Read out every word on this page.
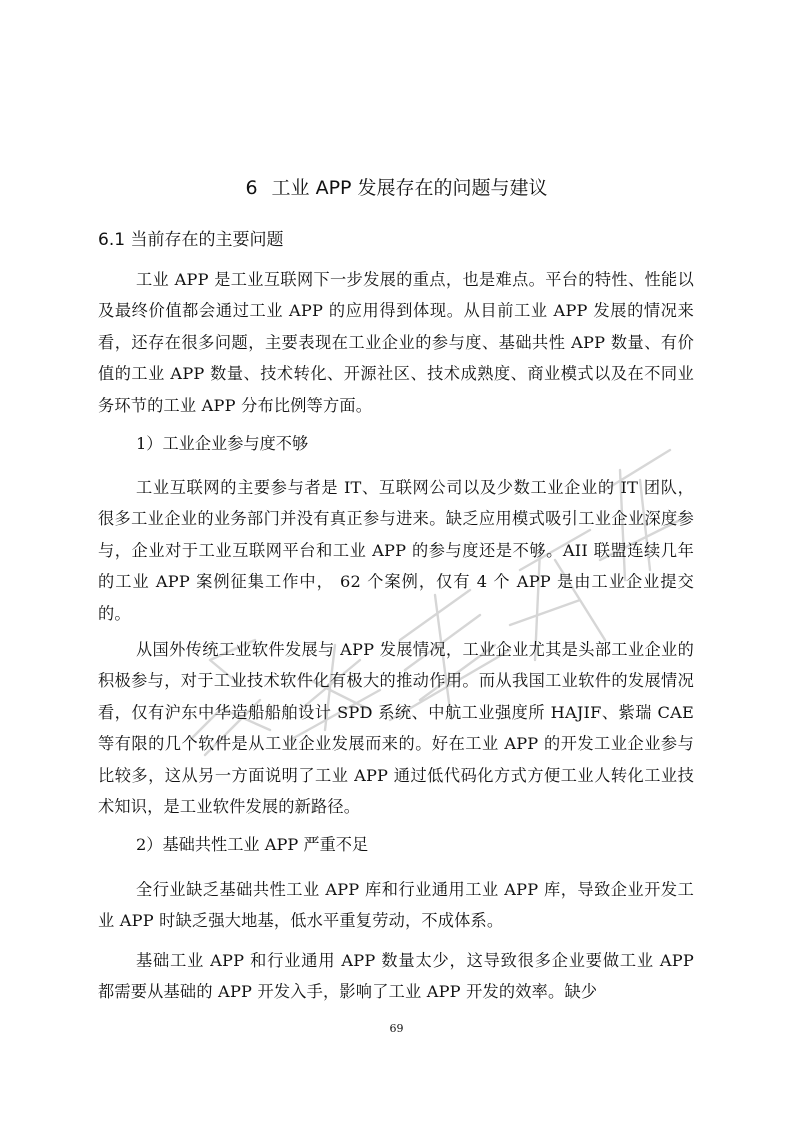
6 工业 APP 发展存在的问题与建议
6.1 当前存在的主要问题

工业 APP 是工业互联网下一步发展的重点，也是难点。平台的特性、性能以及最终价值都会通过工业 APP 的应用得到体现。从目前工业 APP 发展的情况来看，还存在很多问题，主要表现在工业企业的参与度、基础共性 APP 数量、有价值的工业 APP 数量、技术转化、开源社区、技术成熟度、商业模式以及在不同业务环节的工业 APP 分布比例等方面。

1）工业企业参与度不够

工业互联网的主要参与者是 IT、互联网公司以及少数工业企业的 IT 团队，很多工业企业的业务部门并没有真正参与进来。缺乏应用模式吸引工业企业深度参与，企业对于工业互联网平台和工业 APP 的参与度还是不够。AII 联盟连续几年的工业 APP 案例征集工作中， 62 个案例，仅有 4 个 APP 是由工业企业提交的。

从国外传统工业软件发展与 APP 发展情况，工业企业尤其是头部工业企业的积极参与，对于工业技术软件化有极大的推动作用。而从我国工业软件的发展情况看，仅有沪东中华造船船舶设计 SPD 系统、中航工业强度所 HAJIF、紫瑞 CAE 等有限的几个软件是从工业企业发展而来的。好在工业 APP 的开发工业企业参与比较多，这从另一方面说明了工业 APP 通过低代码化方式方便工业人转化工业技术知识，是工业软件发展的新路径。

2）基础共性工业 APP 严重不足

全行业缺乏基础共性工业 APP 库和行业通用工业 APP 库，导致企业开发工业 APP 时缺乏强大地基，低水平重复劳动，不成体系。

基础工业 APP 和行业通用 APP 数量太少，这导致很多企业要做工业 APP 都需要从基础的 APP 开发入手，影响了工业 APP 开发的效率。缺少

69
